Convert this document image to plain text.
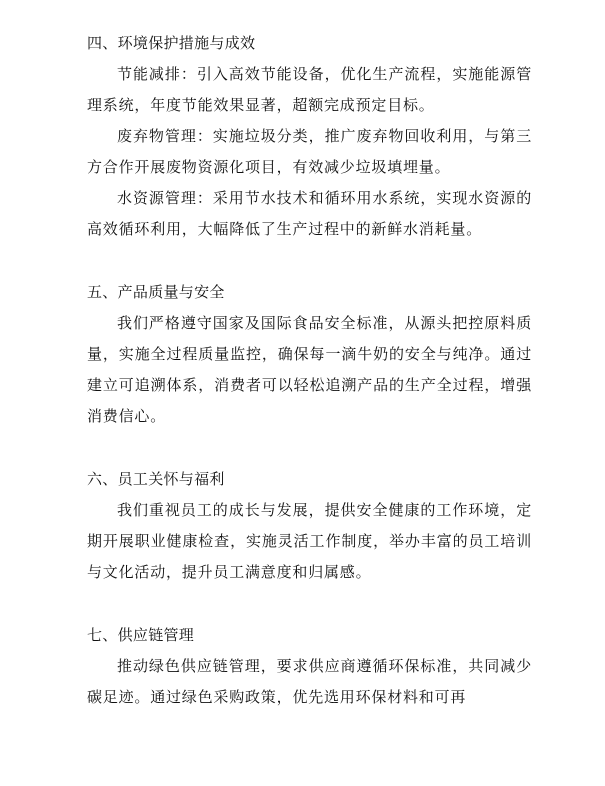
四、环境保护措施与成效

节能减排：引入高效节能设备，优化生产流程，实施能源管理系统，年度节能效果显著，超额完成预定目标。

废弃物管理：实施垃圾分类，推广废弃物回收利用，与第三方合作开展废物资源化项目，有效减少垃圾填埋量。

水资源管理：采用节水技术和循环用水系统，实现水资源的高效循环利用，大幅降低了生产过程中的新鲜水消耗量。

五、产品质量与安全

我们严格遵守国家及国际食品安全标准，从源头把控原料质量，实施全过程质量监控，确保每一滴牛奶的安全与纯净。通过建立可追溯体系，消费者可以轻松追溯产品的生产全过程，增强消费信心。

六、员工关怀与福利

我们重视员工的成长与发展，提供安全健康的工作环境，定期开展职业健康检查，实施灵活工作制度，举办丰富的员工培训与文化活动，提升员工满意度和归属感。

七、供应链管理

推动绿色供应链管理，要求供应商遵循环保标准，共同减少碳足迹。通过绿色采购政策，优先选用环保材料和可再
